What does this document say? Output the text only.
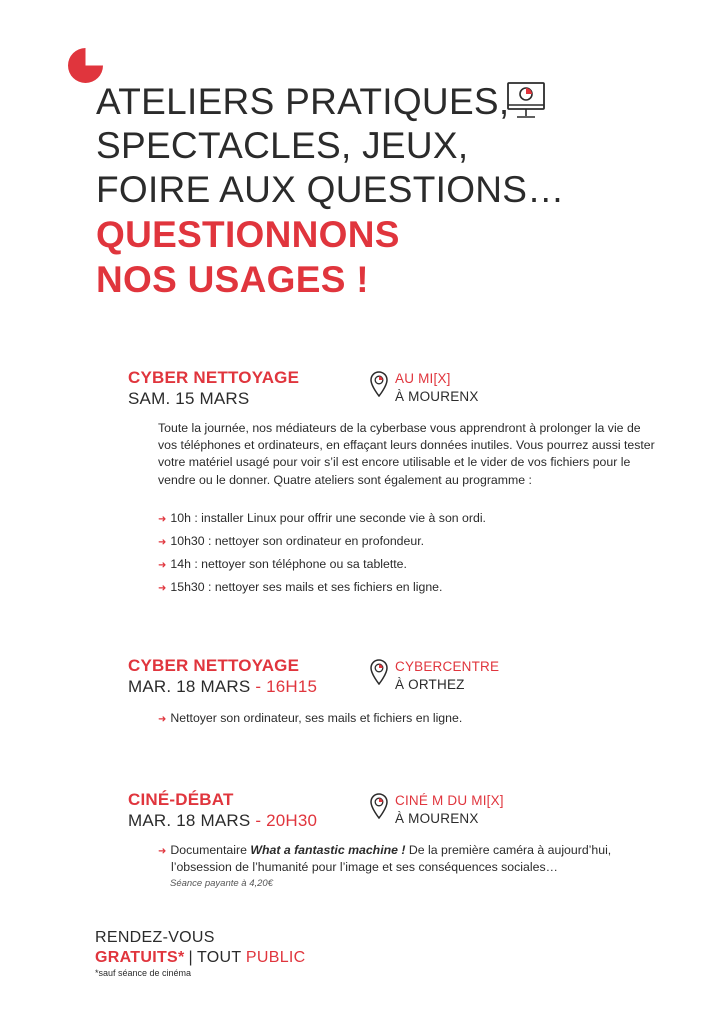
ATELIERS PRATIQUES,
SPECTACLES, JEUX,
FOIRE AUX QUESTIONS…
QUESTIONNONS
NOS USAGES !
CYBER NETTOYAGE
SAM. 15 MARS
AU MI[X]
À MOURENX
Toute la journée, nos médiateurs de la cyberbase vous apprendront à prolonger la vie de vos téléphones et ordinateurs, en effaçant leurs données inutiles. Vous pourrez aussi tester votre matériel usagé pour voir s’il est encore utilisable et le vider de vos fichiers pour le vendre ou le donner. Quatre ateliers sont également au programme :
➜ 10h : installer Linux pour offrir une seconde vie à son ordi.
➜ 10h30 : nettoyer son ordinateur en profondeur.
➜ 14h : nettoyer son téléphone ou sa tablette.
➜ 15h30 : nettoyer ses mails et ses fichiers en ligne.
CYBER NETTOYAGE
MAR. 18 MARS - 16H15
CYBERCENTRE
À ORTHEZ
➜ Nettoyer son ordinateur, ses mails et fichiers en ligne.
CINÉ-DÉBAT
MAR. 18 MARS - 20H30
CINÉ M DU MI[X]
À MOURENX
➜ Documentaire What a fantastic machine ! De la première caméra à aujourd’hui,
l’obsession de l’humanité pour l’image et ses conséquences sociales…
Séance payante à 4,20€
RENDEZ-VOUS
GRATUITS* | TOUT PUBLIC
*sauf séance de cinéma
